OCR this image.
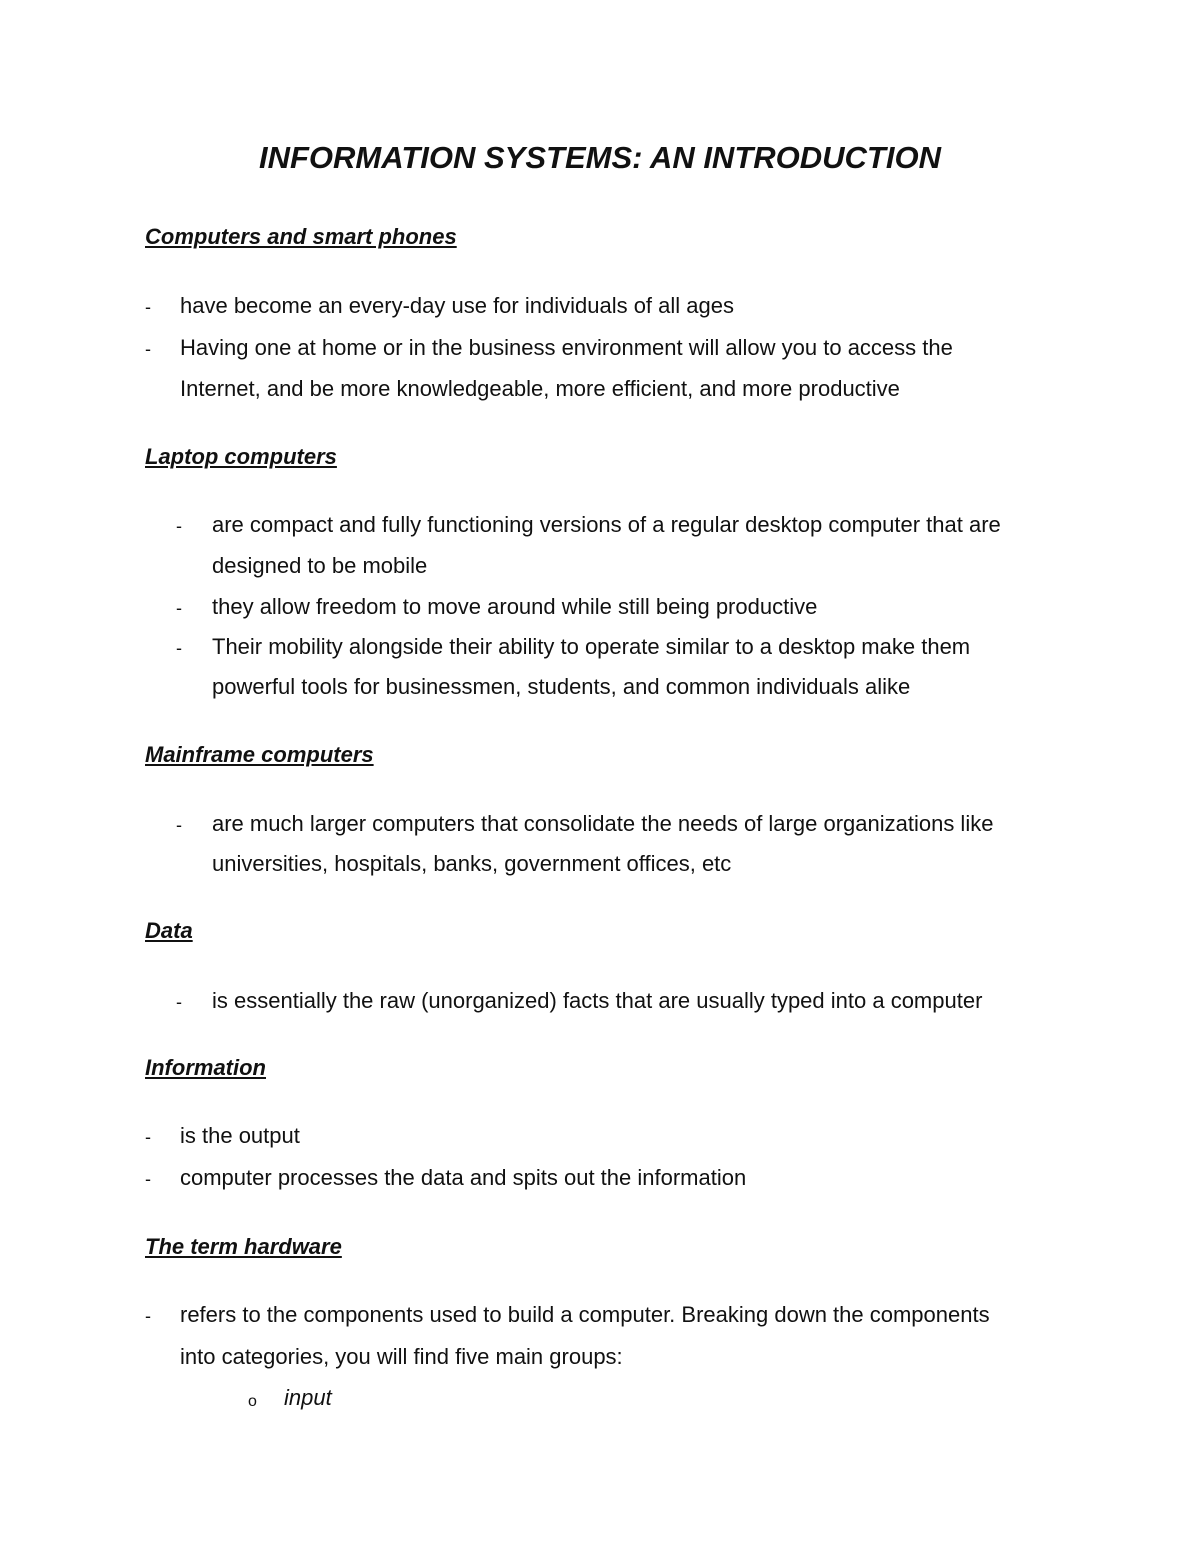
INFORMATION SYSTEMS: AN INTRODUCTION
Computers and smart phones
- have become an every-day use for individuals of all ages
- Having one at home or in the business environment will allow you to access the
Internet, and be more knowledgeable, more efficient, and more productive
Laptop computers
- are compact and fully functioning versions of a regular desktop computer that are
designed to be mobile
- they allow freedom to move around while still being productive
- Their mobility alongside their ability to operate similar to a desktop make them
powerful tools for businessmen, students, and common individuals alike
Mainframe computers
- are much larger computers that consolidate the needs of large organizations like
universities, hospitals, banks, government offices, etc
Data
- is essentially the raw (unorganized) facts that are usually typed into a computer
Information
- is the output
- computer processes the data and spits out the information
The term hardware
- refers to the components used to build a computer. Breaking down the components
into categories, you will find five main groups:
o input
